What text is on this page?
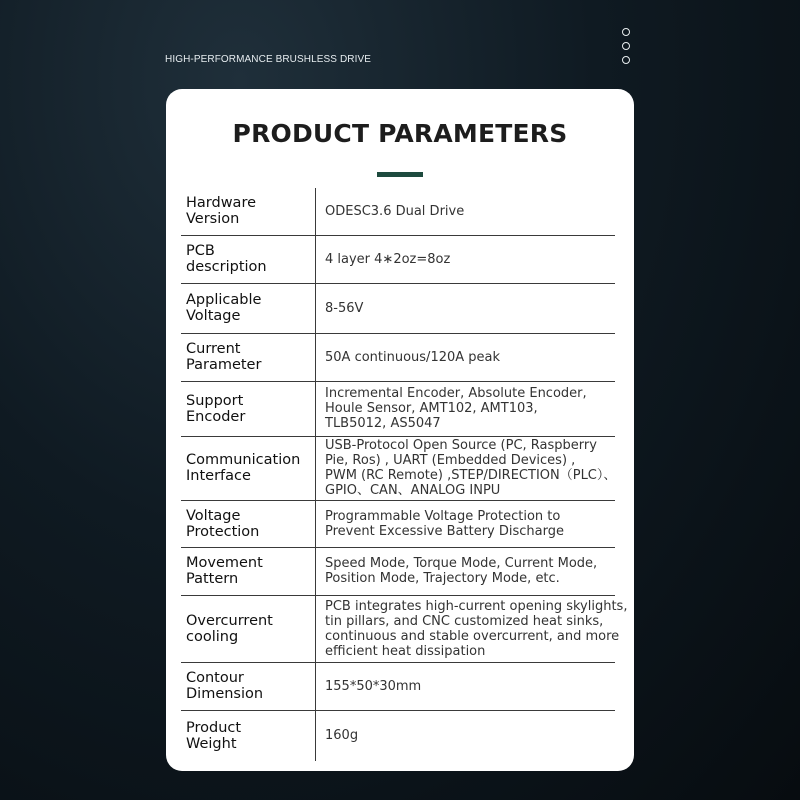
HIGH-PERFORMANCE BRUSHLESS DRIVE
PRODUCT PARAMETERS
Hardware
Version	ODESC3.6 Dual Drive

PCB
description	4 layer 4∗2oz=8oz

Applicable
Voltage	8-56V

Current
Parameter	50A continuous/120A peak

Support
Encoder	Incremental Encoder, Absolute Encoder,
Houle Sensor, AMT102, AMT103,
TLB5012, AS5047

Communication
Interface	USB-Protocol Open Source (PC, Raspberry
Pie, Ros) , UART (Embedded Devices) ,
PWM (RC Remote) ,STEP/DIRECTION（PLC）、
GPIO、CAN、ANALOG INPU

Voltage
Protection	Programmable Voltage Protection to
Prevent Excessive Battery Discharge

Movement
Pattern	Speed Mode, Torque Mode, Current Mode,
Position Mode, Trajectory Mode, etc.

Overcurrent
cooling	PCB integrates high-current opening skylights,
tin pillars, and CNC customized heat sinks,
continuous and stable overcurrent, and more
efficient heat dissipation

Contour
Dimension	155*50*30mm

Product
Weight	160g
